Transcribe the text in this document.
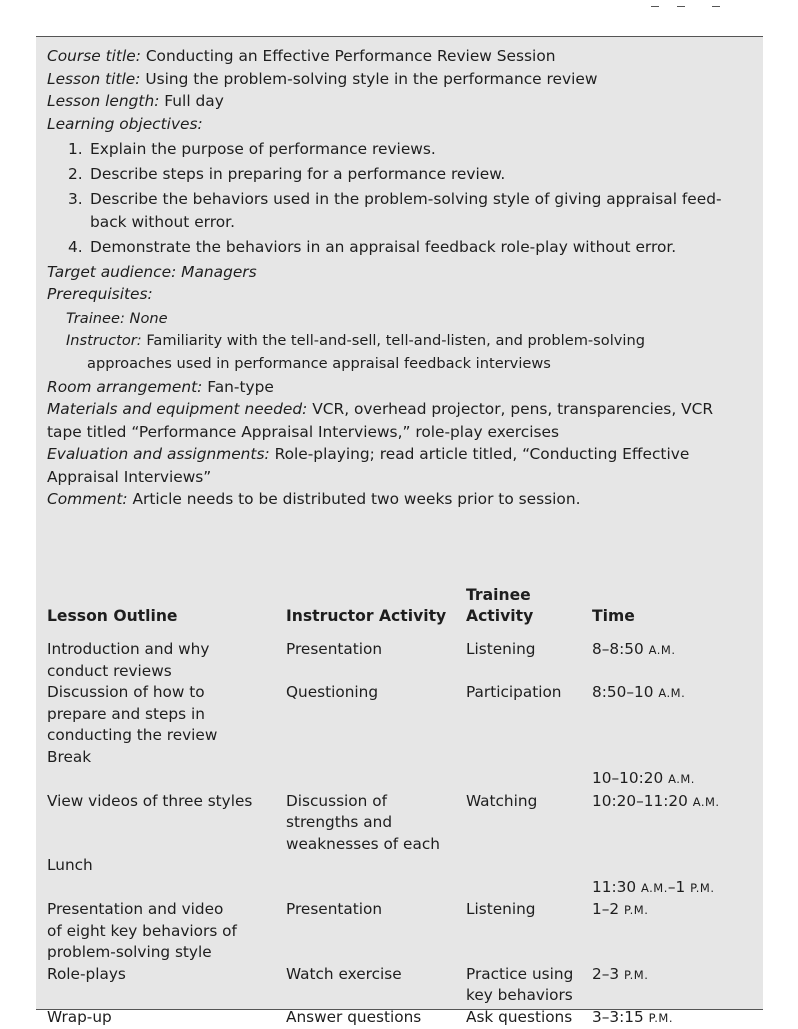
Course title: Conducting an Effective Performance Review Session
Lesson title: Using the problem-solving style in the performance review
Lesson length: Full day
Learning objectives:
1. Explain the purpose of performance reviews.
2. Describe steps in preparing for a performance review.
3. Describe the behaviors used in the problem-solving style of giving appraisal feed-
back without error.
4. Demonstrate the behaviors in an appraisal feedback role-play without error.
Target audience: Managers
Prerequisites:
Trainee: None
Instructor: Familiarity with the tell-and-sell, tell-and-listen, and problem-solving
approaches used in performance appraisal feedback interviews
Room arrangement: Fan-type
Materials and equipment needed: VCR, overhead projector, pens, transparencies, VCR
tape titled “Performance Appraisal Interviews,” role-play exercises
Evaluation and assignments: Role-playing; read article titled, “Conducting Effective
Appraisal Interviews”
Comment: Article needs to be distributed two weeks prior to session.
Lesson Outline	Instructor Activity	Trainee
Activity	Time

Introduction and why
conduct reviews	Presentation	Listening	8–8:50 A.M.

Discussion of how to
prepare and steps in
conducting the review	Questioning	Participation	8:50–10 A.M.

Break			

			10–10:20 A.M.

View videos of three styles	Discussion of
strengths and
weaknesses of each	Watching	10:20–11:20 A.M.

Lunch			

			11:30 A.M.–1 P.M.

Presentation and video
of eight key behaviors of
problem-solving style	Presentation	Listening	1–2 P.M.

Role-plays	Watch exercise	Practice using
key behaviors	2–3 P.M.

Wrap-up	Answer questions	Ask questions	3–3:15 P.M.
